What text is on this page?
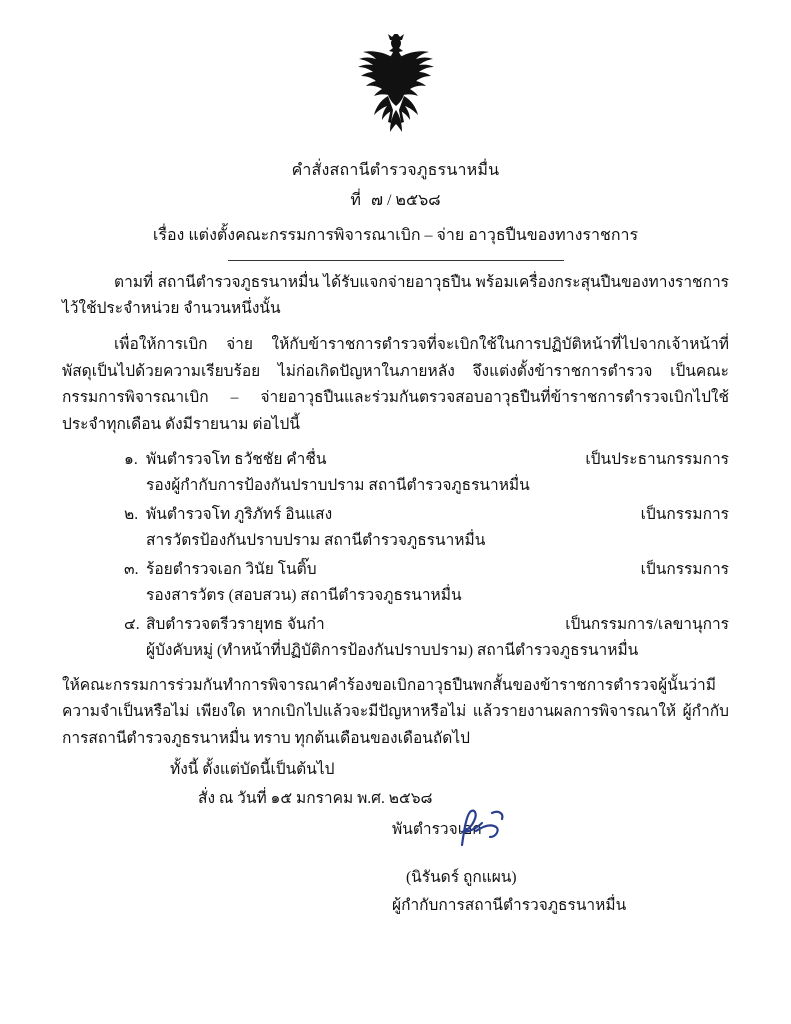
คำสั่งสถานีตำรวจภูธรนาหมื่น
ที่ ๗ / ๒๕๖๘
เรื่อง แต่งตั้งคณะกรรมการพิจารณาเบิก – จ่าย อาวุธปืนของทางราชการ
ตามที่ สถานีตำรวจภูธรนาหมื่น ได้รับแจกจ่ายอาวุธปืน พร้อมเครื่องกระสุนปืนของทางราชการ ไว้ใช้ประจำหน่วย จำนวนหนึ่งนั้น
เพื่อให้การเบิก จ่าย ให้กับข้าราชการตำรวจที่จะเบิกใช้ในการปฏิบัติหน้าที่ไปจากเจ้าหน้าที่พัสดุเป็นไปด้วยความเรียบร้อย ไม่ก่อเกิดปัญหาในภายหลัง จึงแต่งตั้งข้าราชการตำรวจ เป็นคณะกรรมการพิจารณาเบิก – จ่ายอาวุธปืนและร่วมกันตรวจสอบอาวุธปืนที่ข้าราชการตำรวจเบิกไปใช้ประจำทุกเดือน ดังมีรายนาม ต่อไปนี้
๑. พันตำรวจโท ธวัชชัย คำชื่น	เป็นประธานกรรมการ
รองผู้กำกับการป้องกันปราบปราม สถานีตำรวจภูธรนาหมื่น
๒. พันตำรวจโท ภูริภัทร์ อินแสง	เป็นกรรมการ
สารวัตรป้องกันปราบปราม สถานีตำรวจภูธรนาหมื่น
๓. ร้อยตำรวจเอก วินัย โนติ๊บ	เป็นกรรมการ
รองสารวัตร (สอบสวน) สถานีตำรวจภูธรนาหมื่น
๔. สิบตำรวจตรีวรายุทธ จันก๋า	เป็นกรรมการ/เลขานุการ
ผู้บังคับหมู่ (ทำหน้าที่ปฏิบัติการป้องกันปราบปราม) สถานีตำรวจภูธรนาหมื่น
ให้คณะกรรมการร่วมกันทำการพิจารณาคำร้องขอเบิกอาวุธปืนพกสั้นของข้าราชการตำรวจผู้นั้นว่ามีความจำเป็นหรือไม่ เพียงใด หากเบิกไปแล้วจะมีปัญหาหรือไม่ แล้วรายงานผลการพิจารณาให้ ผู้กำกับการสถานีตำรวจภูธรนาหมื่น ทราบ ทุกต้นเดือนของเดือนถัดไป
ทั้งนี้ ตั้งแต่บัดนี้เป็นต้นไป
สั่ง ณ วันที่ ๑๕ มกราคม พ.ศ. ๒๕๖๘
พันตำรวจเอก
(นิรันดร์ ถูกแผน)
ผู้กำกับการสถานีตำรวจภูธรนาหมื่น
